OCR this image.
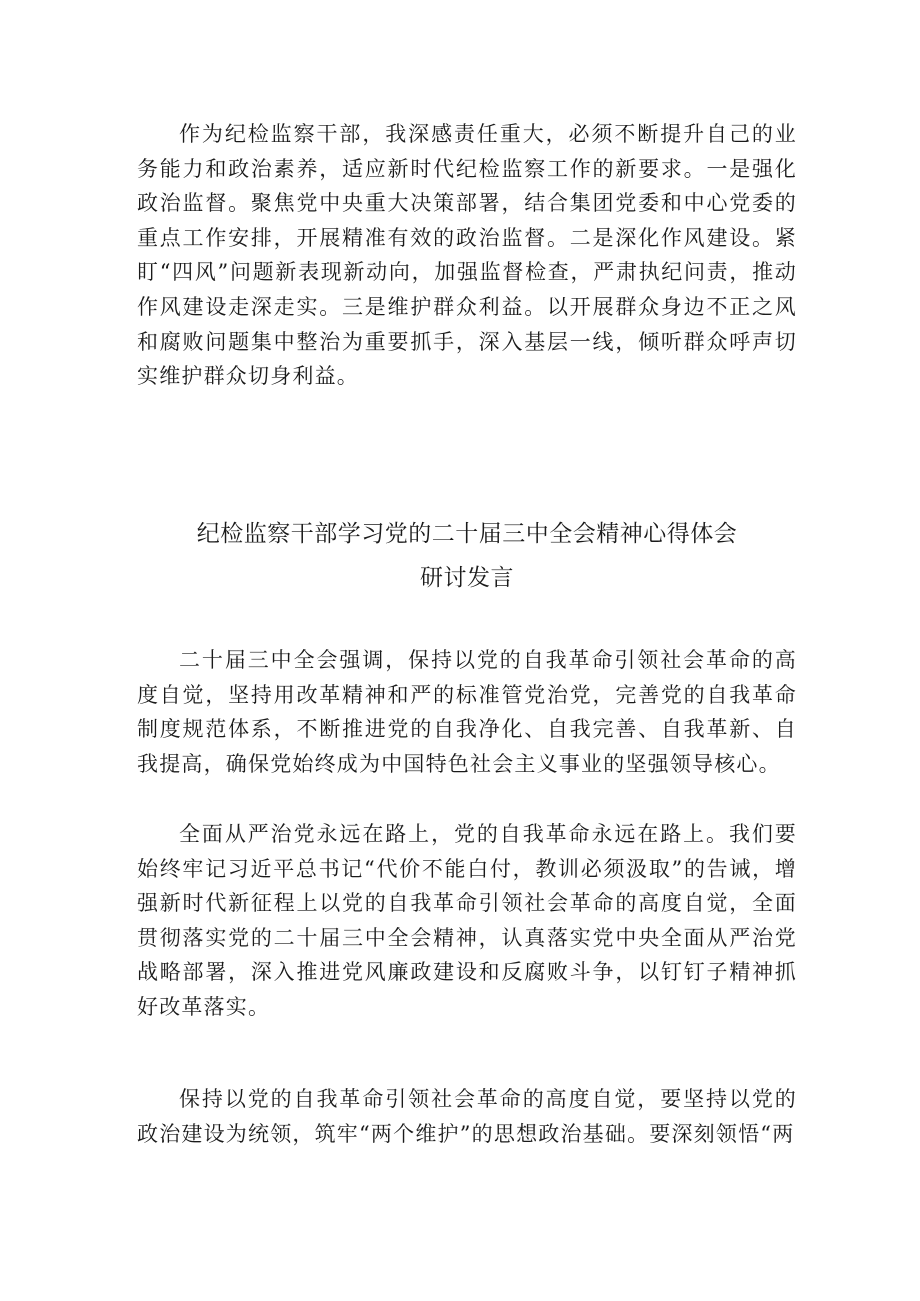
作为纪检监察干部，我深感责任重大，必须不断提升自己的业务能力和政治素养，适应新时代纪检监察工作的新要求。一是强化政治监督。聚焦党中央重大决策部署，结合集团党委和中心党委的重点工作安排，开展精准有效的政治监督。二是深化作风建设。紧盯“四风”问题新表现新动向，加强监督检查，严肃执纪问责，推动作风建设走深走实。三是维护群众利益。以开展群众身边不正之风和腐败问题集中整治为重要抓手，深入基层一线，倾听群众呼声切实维护群众切身利益。

纪检监察干部学习党的二十届三中全会精神心得体会
研讨发言

二十届三中全会强调，保持以党的自我革命引领社会革命的高度自觉，坚持用改革精神和严的标准管党治党，完善党的自我革命制度规范体系，不断推进党的自我净化、自我完善、自我革新、自我提高，确保党始终成为中国特色社会主义事业的坚强领导核心。

全面从严治党永远在路上，党的自我革命永远在路上。我们要始终牢记习近平总书记“代价不能白付，教训必须汲取”的告诫，增强新时代新征程上以党的自我革命引领社会革命的高度自觉，全面贯彻落实党的二十届三中全会精神，认真落实党中央全面从严治党战略部署，深入推进党风廉政建设和反腐败斗争，以钉钉子精神抓好改革落实。

保持以党的自我革命引领社会革命的高度自觉，要坚持以党的政治建设为统领，筑牢“两个维护”的思想政治基础。要深刻领悟“两
